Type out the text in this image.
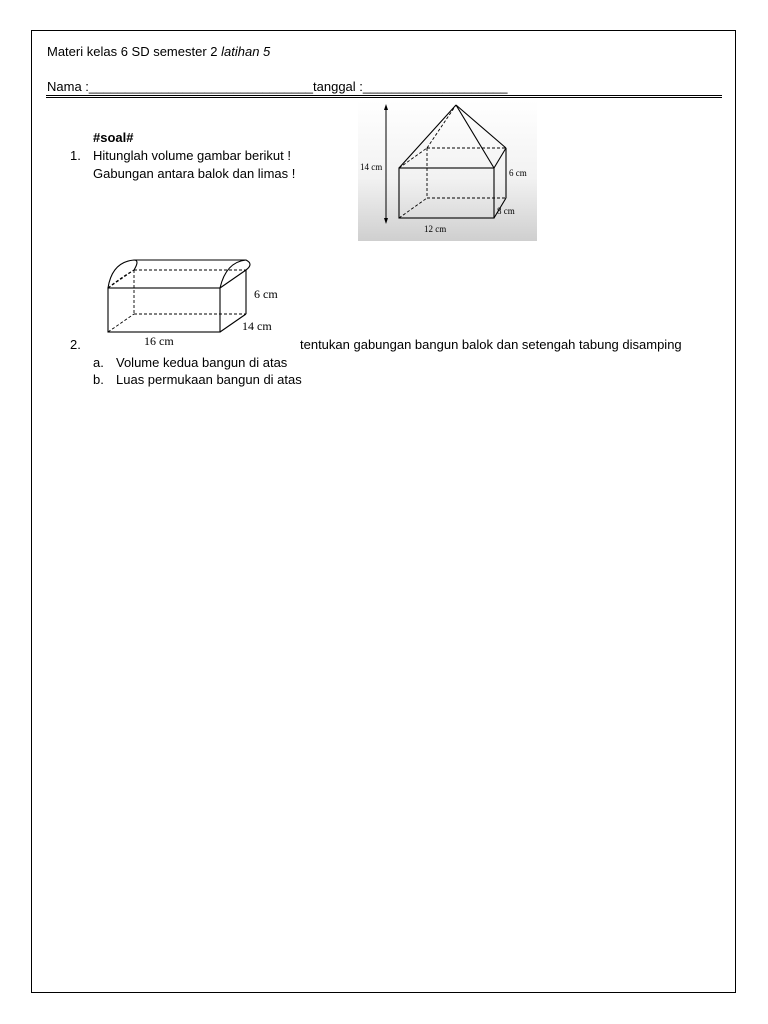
Materi kelas 6 SD semester 2 latihan 5
Nama :_______________________________tanggal :____________________
#soal#
1. Hitunglah volume gambar berikut !
Gabungan antara balok dan limas !	14 cm
6 cm
8 cm
12 cm
6 cm
14 cm
16 cm
2.	tentukan gabungan bangun balok dan setengah tabung disamping
a. Volume kedua bangun di atas
b. Luas permukaan bangun di atas
